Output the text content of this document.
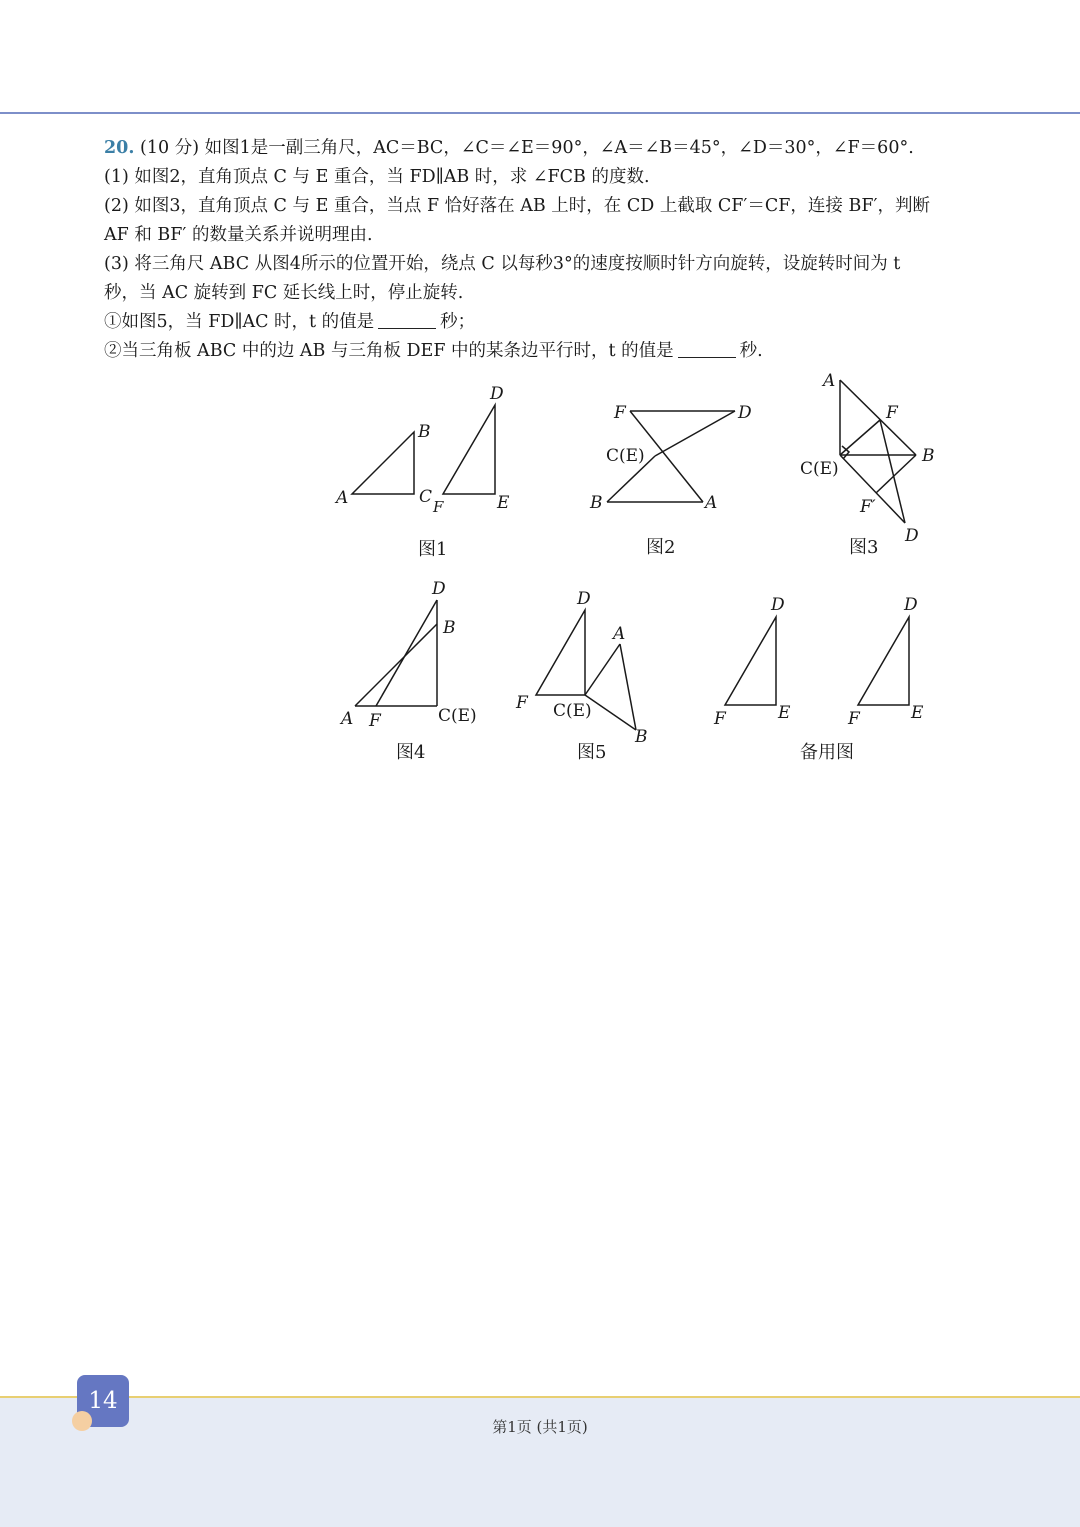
20. (10 分) 如图1是一副三角尺，AC＝BC，∠C＝∠E＝90°，∠A＝∠B＝45°，∠D＝30°，∠F＝60°.

(1) 如图2，直角顶点 C 与 E 重合，当 FD∥AB 时，求 ∠FCB 的度数.

(2) 如图3，直角顶点 C 与 E 重合，当点 F 恰好落在 AB 上时，在 CD 上截取 CF′＝CF，连接 BF′，判断

AF 和 BF′ 的数量关系并说明理由.

(3) 将三角尺 ABC 从图4所示的位置开始，绕点 C 以每秒3°的速度按顺时针方向旋转，设旋转时间为 t

秒，当 AC 旋转到 FC 延长线上时，停止旋转.

①如图5，当 FD∥AC 时，t 的值是	秒；

②当三角板 ABC 中的边 AB 与三角板 DEF 中的某条边平行时，t 的值是	秒.

A
B
C F
D
E
F	D
C(E)
B	A
A
F
C(E)
B
F′
D
D
B
A F	C(E)
D
A
F C(E)
B
D
F	E
D
F	E
图1	图2	图3
图4	图5	备用图
14
第1页 (共1页)
